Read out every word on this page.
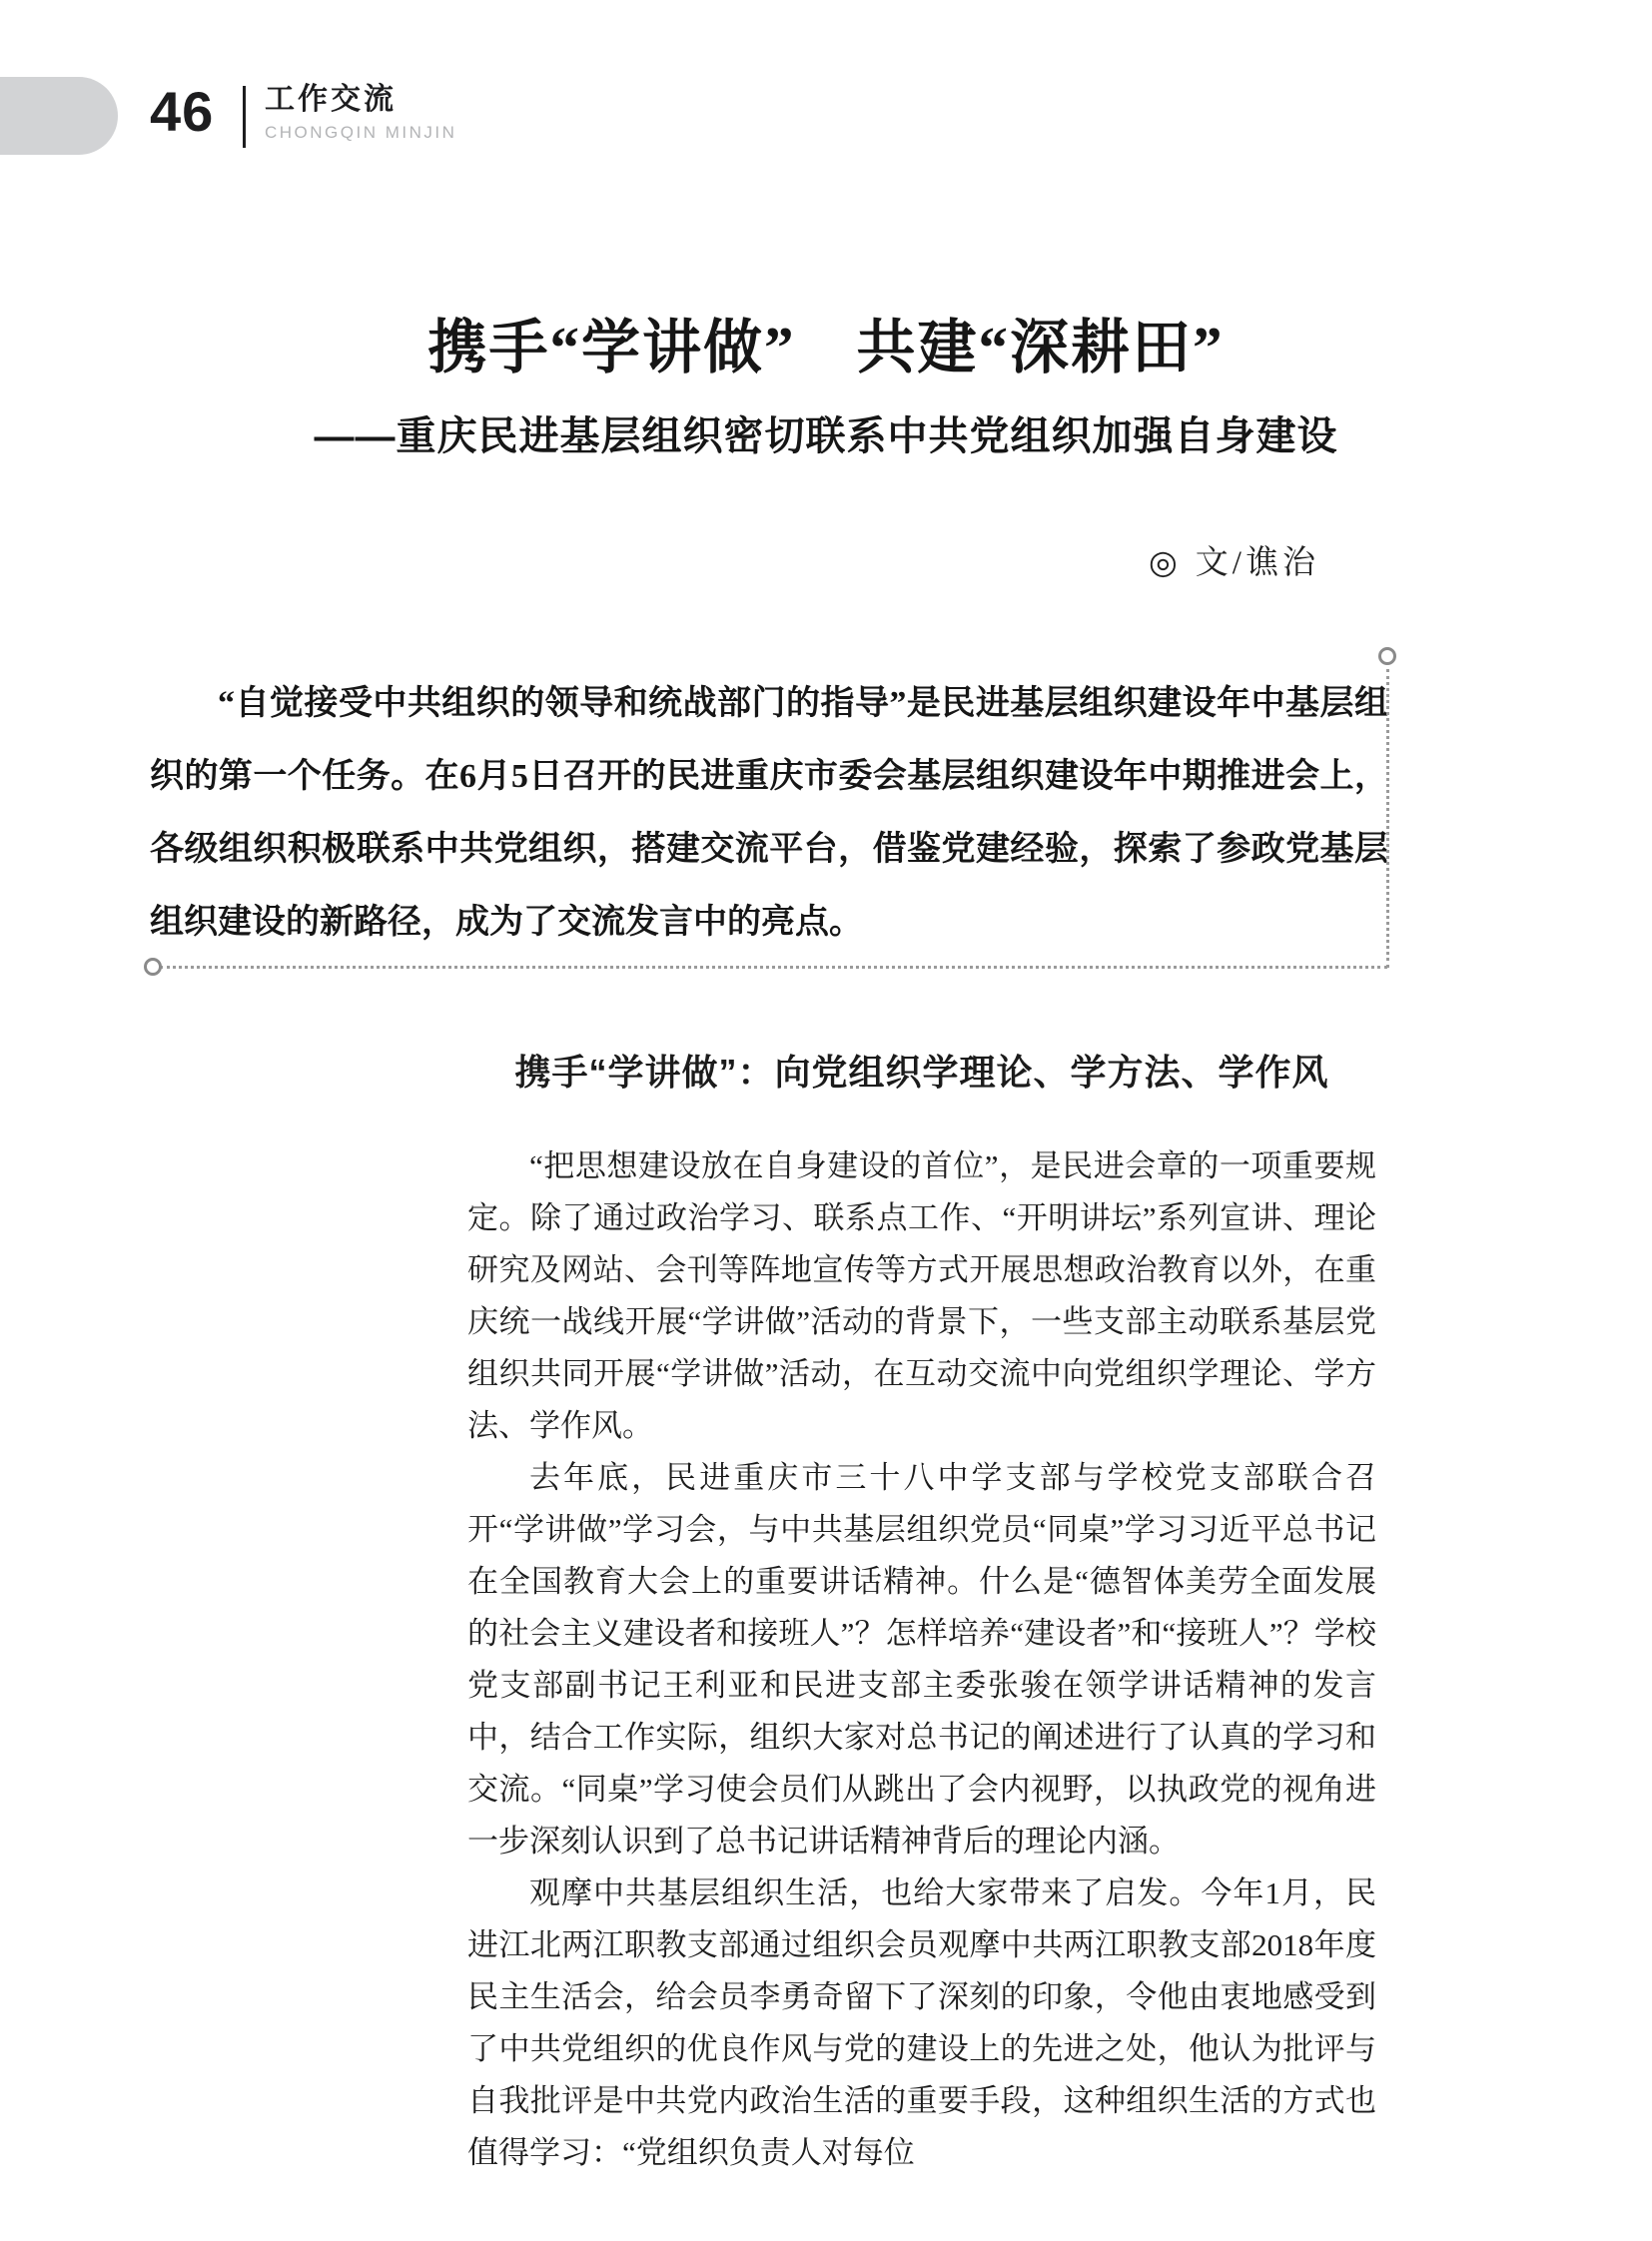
46 工作交流
CHONGQIN MINJIN
携手“学讲做”　共建“深耕田”
——重庆民进基层组织密切联系中共党组织加强自身建设
◎ 文/谯治

“自觉接受中共组织的领导和统战部门的指导”是民进基层组织建设年中基层组织的第一个任务。在6月5日召开的民进重庆市委会基层组织建设年中期推进会上，各级组织积极联系中共党组织，搭建交流平台，借鉴党建经验，探索了参政党基层组织建设的新路径，成为了交流发言中的亮点。

携手“学讲做”：向党组织学理论、学方法、学作风

“把思想建设放在自身建设的首位”，是民进会章的一项重要规定。除了通过政治学习、联系点工作、“开明讲坛”系列宣讲、理论研究及网站、会刊等阵地宣传等方式开展思想政治教育以外，在重庆统一战线开展“学讲做”活动的背景下，一些支部主动联系基层党组织共同开展“学讲做”活动，在互动交流中向党组织学理论、学方法、学作风。

去年底，民进重庆市三十八中学支部与学校党支部联合召开“学讲做”学习会，与中共基层组织党员“同桌”学习习近平总书记在全国教育大会上的重要讲话精神。什么是“德智体美劳全面发展的社会主义建设者和接班人”？怎样培养“建设者”和“接班人”？学校党支部副书记王利亚和民进支部主委张骏在领学讲话精神的发言中，结合工作实际，组织大家对总书记的阐述进行了认真的学习和交流。“同桌”学习使会员们从跳出了会内视野，以执政党的视角进一步深刻认识到了总书记讲话精神背后的理论内涵。

观摩中共基层组织生活，也给大家带来了启发。今年1月，民进江北两江职教支部通过组织会员观摩中共两江职教支部2018年度民主生活会，给会员李勇奇留下了深刻的印象，令他由衷地感受到了中共党组织的优良作风与党的建设上的先进之处，他认为批评与自我批评是中共党内政治生活的重要手段，这种组织生活的方式也值得学习：“党组织负责人对每位
